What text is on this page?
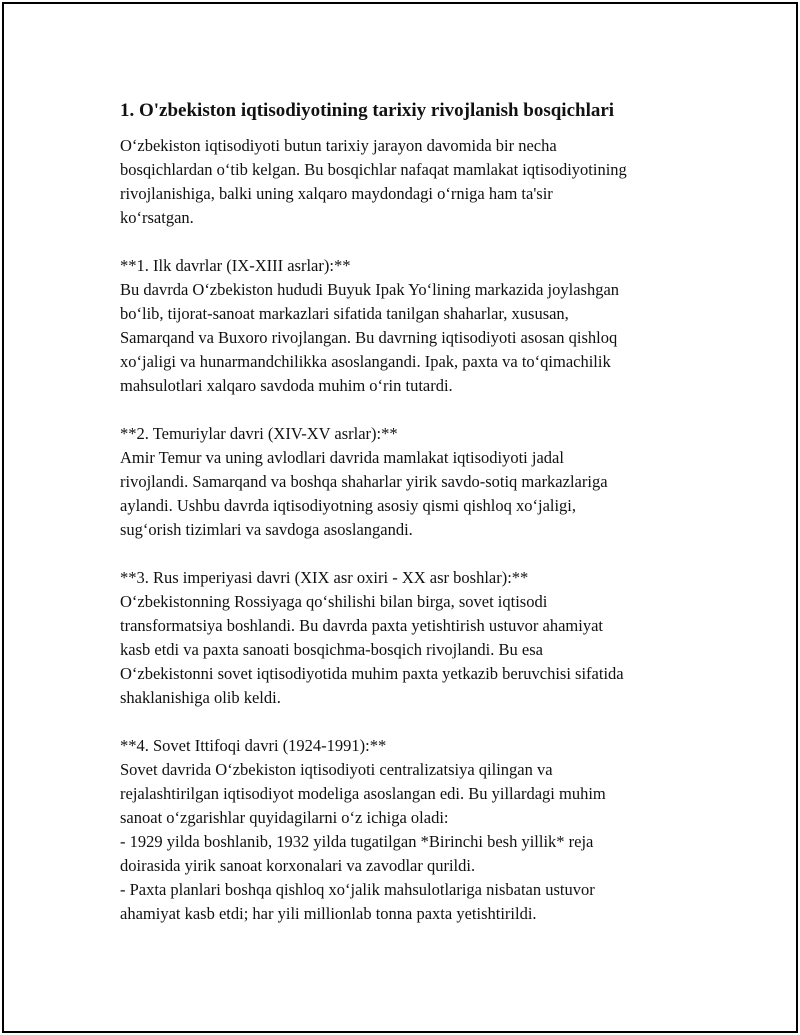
1. O'zbekiston iqtisodiyotining tarixiy rivojlanish bosqichlari

O‘zbekiston iqtisodiyoti butun tarixiy jarayon davomida bir necha
bosqichlardan o‘tib kelgan. Bu bosqichlar nafaqat mamlakat iqtisodiyotining
rivojlanishiga, balki uning xalqaro maydondagi o‘rniga ham ta'sir
ko‘rsatgan.

**1. Ilk davrlar (IX-XIII asrlar):**
Bu davrda O‘zbekiston hududi Buyuk Ipak Yo‘lining markazida joylashgan
bo‘lib, tijorat-sanoat markazlari sifatida tanilgan shaharlar, xususan,
Samarqand va Buxoro rivojlangan. Bu davrning iqtisodiyoti asosan qishloq
xo‘jaligi va hunarmandchilikka asoslangandi. Ipak, paxta va to‘qimachilik
mahsulotlari xalqaro savdoda muhim o‘rin tutardi.

**2. Temuriylar davri (XIV-XV asrlar):**
Amir Temur va uning avlodlari davrida mamlakat iqtisodiyoti jadal
rivojlandi. Samarqand va boshqa shaharlar yirik savdo-sotiq markazlariga
aylandi. Ushbu davrda iqtisodiyotning asosiy qismi qishloq xo‘jaligi,
sug‘orish tizimlari va savdoga asoslangandi.

**3. Rus imperiyasi davri (XIX asr oxiri - XX asr boshlar):**
O‘zbekistonning Rossiyaga qo‘shilishi bilan birga, sovet iqtisodi
transformatsiya boshlandi. Bu davrda paxta yetishtirish ustuvor ahamiyat
kasb etdi va paxta sanoati bosqichma-bosqich rivojlandi. Bu esa
O‘zbekistonni sovet iqtisodiyotida muhim paxta yetkazib beruvchisi sifatida
shaklanishiga olib keldi.

**4. Sovet Ittifoqi davri (1924-1991):**
Sovet davrida O‘zbekiston iqtisodiyoti centralizatsiya qilingan va
rejalashtirilgan iqtisodiyot modeliga asoslangan edi. Bu yillardagi muhim
sanoat o‘zgarishlar quyidagilarni o‘z ichiga oladi:
- 1929 yilda boshlanib, 1932 yilda tugatilgan *Birinchi besh yillik* reja
doirasida yirik sanoat korxonalari va zavodlar qurildi.
- Paxta planlari boshqa qishloq xo‘jalik mahsulotlariga nisbatan ustuvor
ahamiyat kasb etdi; har yili millionlab tonna paxta yetishtirildi.
